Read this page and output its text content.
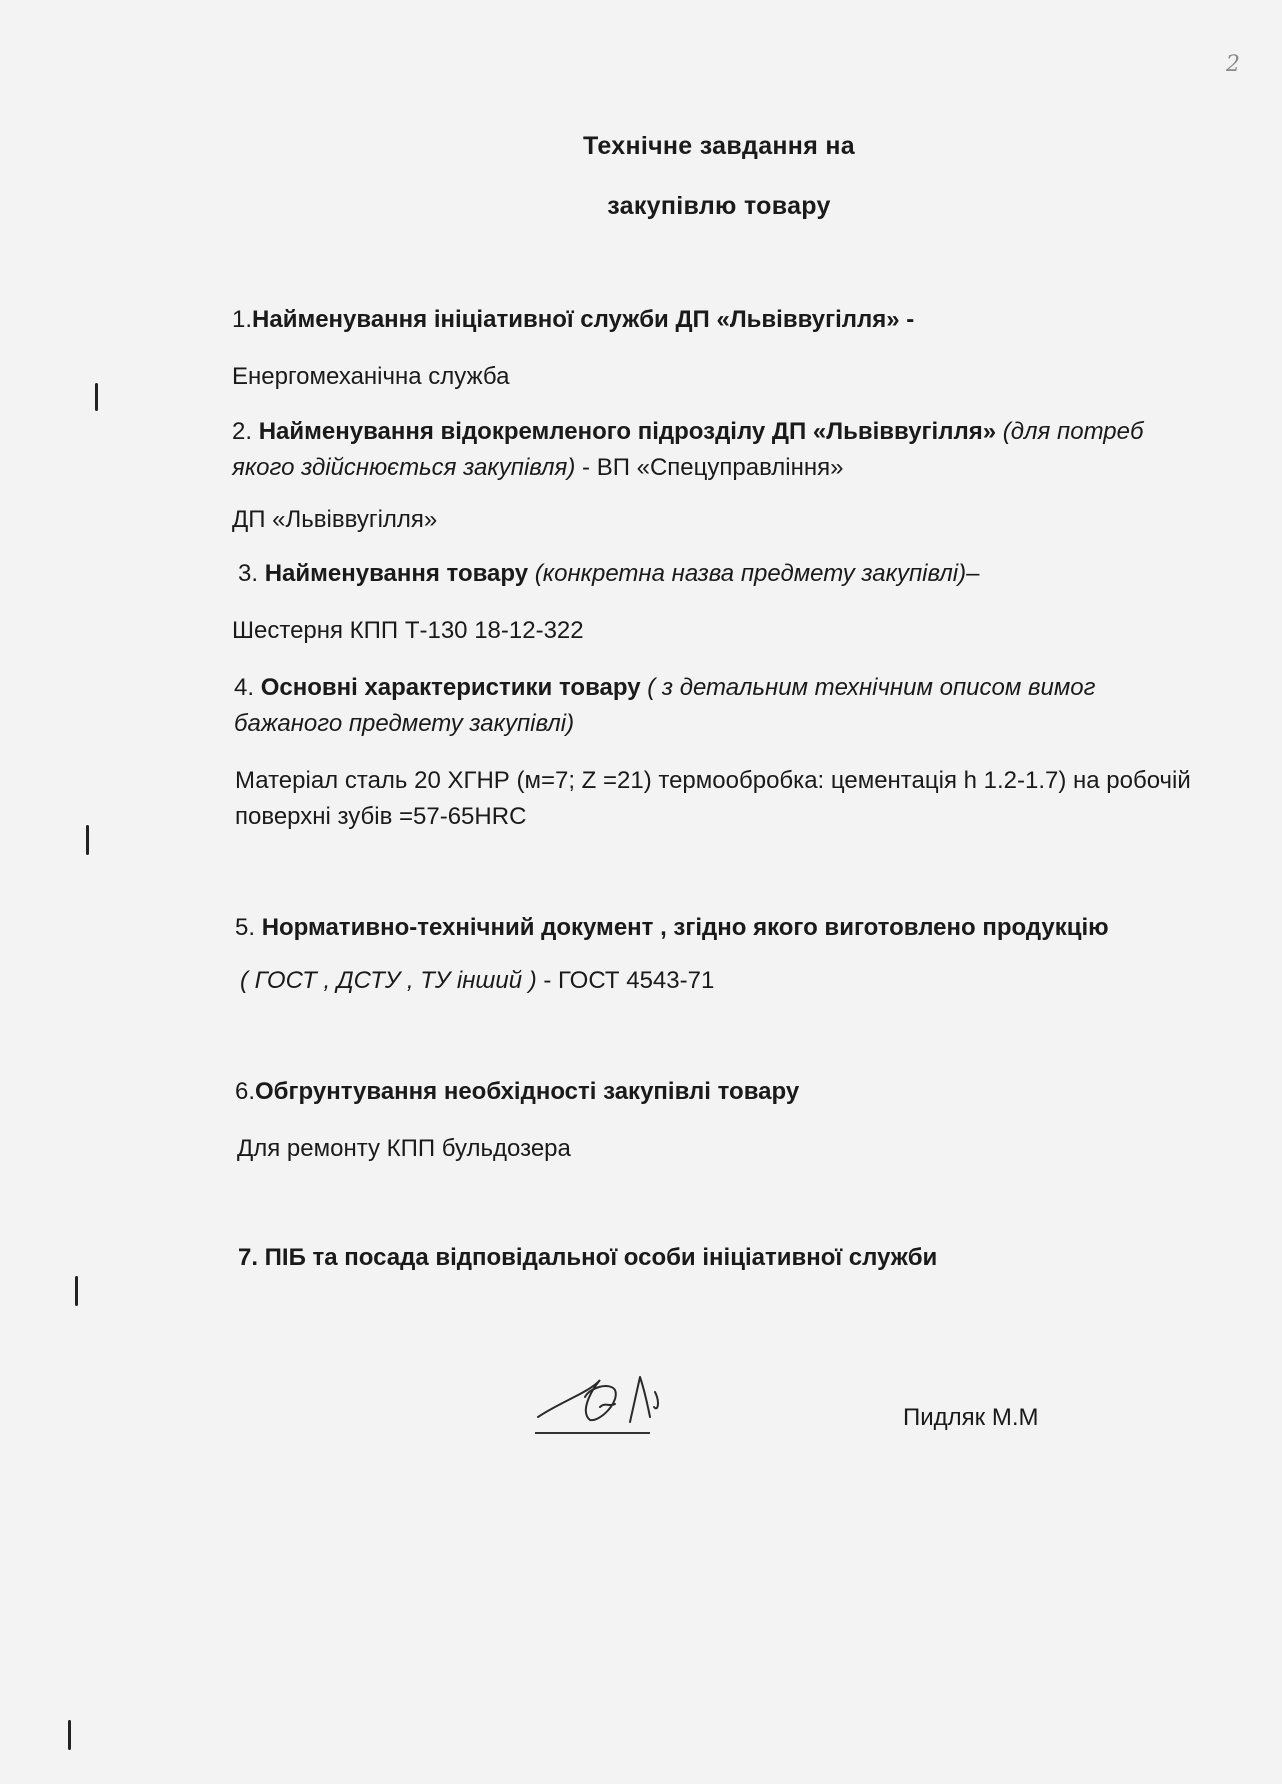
2
Технічне завдання на
закупівлю товару
1.Найменування ініціативної служби ДП «Львіввугілля» -
Енергомеханічна служба
2. Найменування відокремленого підрозділу ДП «Львіввугілля» (для потреб якого здійснюється закупівля) - ВП «Спецуправління»
ДП «Львіввугілля»
3. Найменування товару (конкретна назва предмету закупівлі)–
Шестерня КПП Т-130 18-12-322
4. Основні характеристики товару ( з детальним технічним описом вимог бажаного предмету закупівлі)
Матеріал сталь 20 ХГНР (м=7; Z =21) термообробка: цементація h 1.2-1.7) на робочій поверхні зубів =57-65HRC
5. Нормативно-технічний документ , згідно якого виготовлено продукцію
( ГОСТ , ДСТУ , ТУ інший ) - ГОСТ 4543-71
6.Обгрунтування необхідності закупівлі товару
Для ремонту КПП бульдозера
7. ПІБ та посада відповідальної особи ініціативної служби
Пидляк М.М
